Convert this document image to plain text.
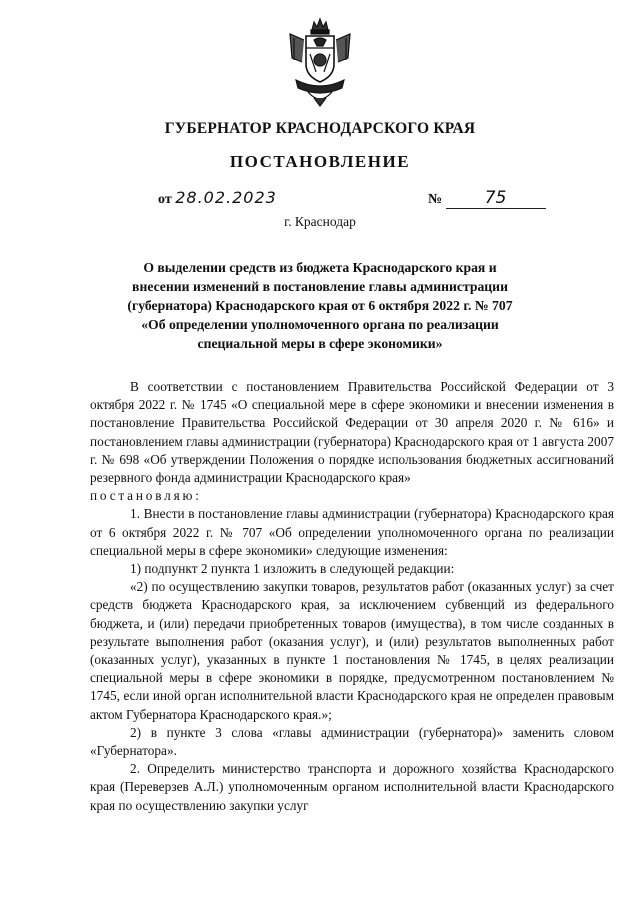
ГУБЕРНАТОР КРАСНОДАРСКОГО КРАЯ
ПОСТАНОВЛЕНИЕ
от 28.02.2023	№	75
г. Краснодар
О выделении средств из бюджета Краснодарского края и внесении изменений в постановление главы администрации (губернатора) Краснодарского края от 6 октября 2022 г. № 707 «Об определении уполномоченного органа по реализации специальной меры в сфере экономики»

В соответствии с постановлением Правительства Российской Федерации от 3 октября 2022 г. № 1745 «О специальной мере в сфере экономики и внесении изменения в постановление Правительства Российской Федерации от 30 апреля 2020 г. № 616» и постановлением главы администрации (губернатора) Краснодарского края от 1 августа 2007 г. № 698 «Об утверждении Положения о порядке использования бюджетных ассигнований резервного фонда администрации Краснодарского края»
постановляю:

1. Внести в постановление главы администрации (губернатора) Краснодарского края от 6 октября 2022 г. № 707 «Об определении уполномоченного органа по реализации специальной меры в сфере экономики» следующие изменения:

1) подпункт 2 пункта 1 изложить в следующей редакции:

«2) по осуществлению закупки товаров, результатов работ (оказанных услуг) за счет средств бюджета Краснодарского края, за исключением субвенций из федерального бюджета, и (или) передачи приобретенных товаров (имущества), в том числе созданных в результате выполнения работ (оказания услуг), и (или) результатов выполненных работ (оказанных услуг), указанных в пункте 1 постановления № 1745, в целях реализации специальной меры в сфере экономики в порядке, предусмотренном постановлением № 1745, если иной орган исполнительной власти Краснодарского края не определен правовым актом Губернатора Краснодарского края.»;

2) в пункте 3 слова «главы администрации (губернатора)» заменить словом «Губернатора».

2. Определить министерство транспорта и дорожного хозяйства Краснодарского края (Переверзев А.Л.) уполномоченным органом исполнительной власти Краснодарского края по осуществлению закупки услуг
